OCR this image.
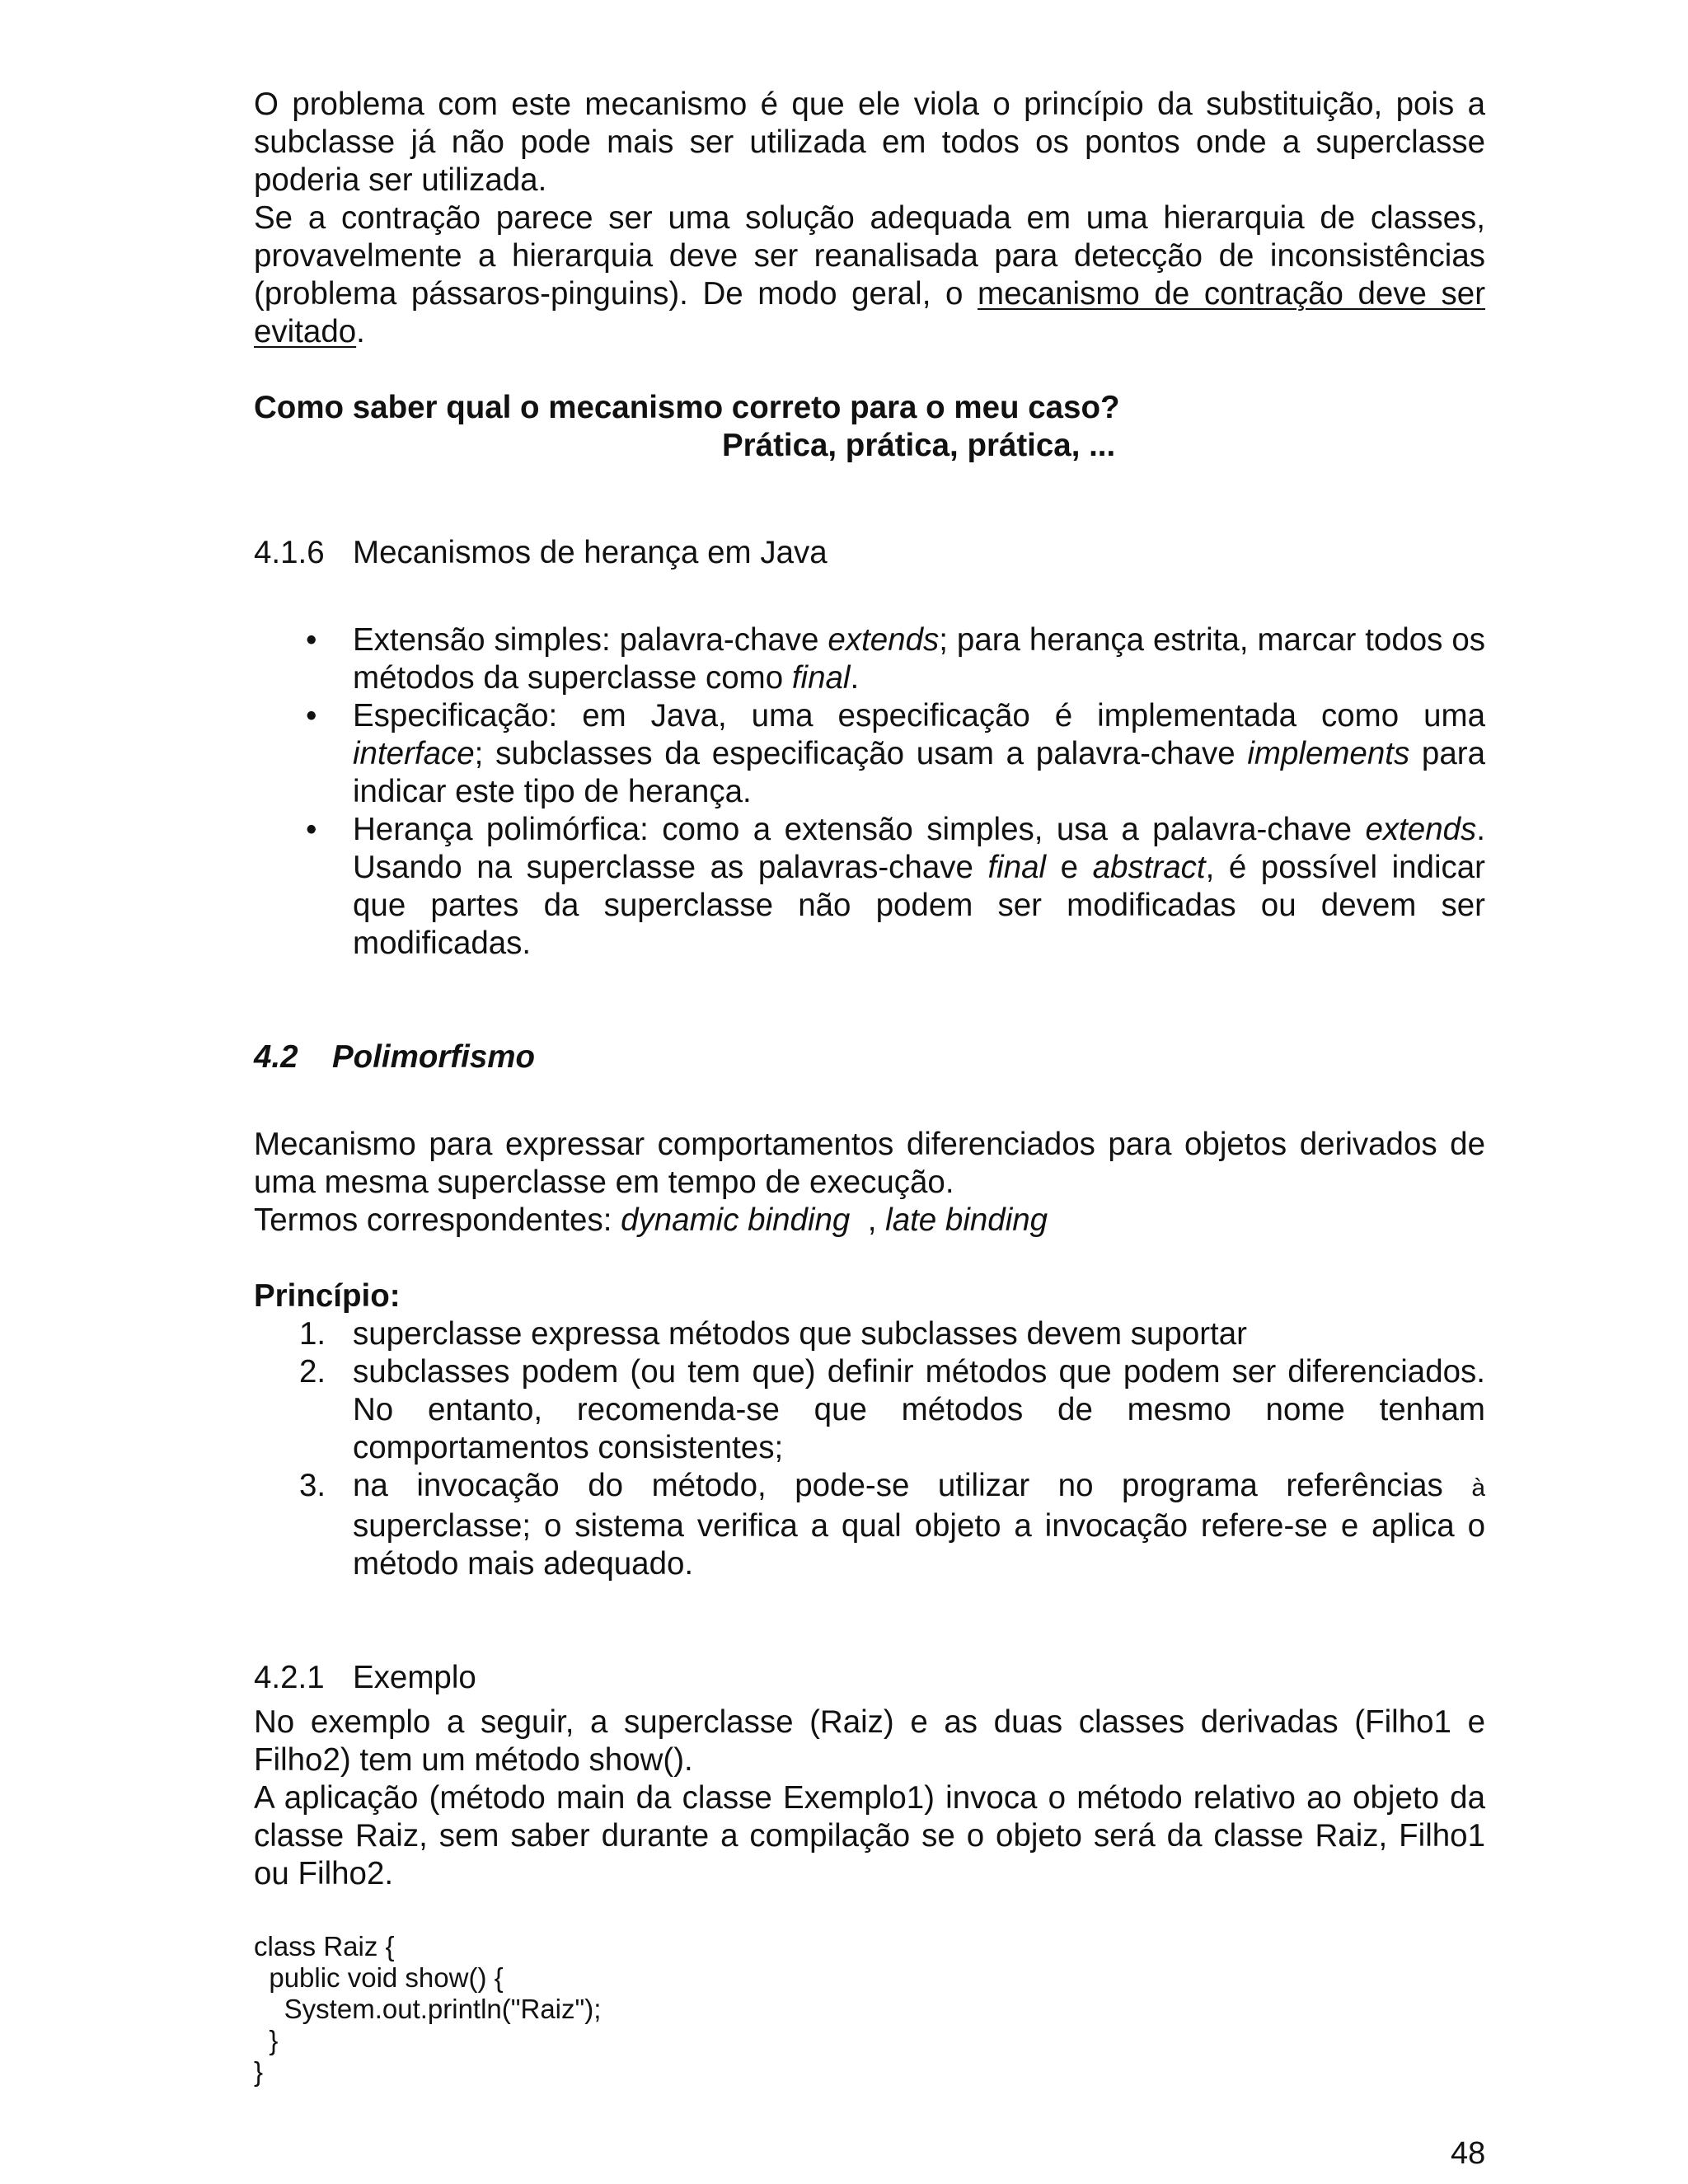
O problema com este mecanismo é que ele viola o princípio da substituição, pois a subclasse já não pode mais ser utilizada em todos os pontos onde a superclasse poderia ser utilizada.

Se a contração parece ser uma solução adequada em uma hierarquia de classes, provavelmente a hierarquia deve ser reanalisada para detecção de inconsistências (problema pássaros-pinguins). De modo geral, o mecanismo de contração deve ser evitado.

Como saber qual o mecanismo correto para o meu caso?

Prática, prática, prática, ...

4.1.6 Mecanismos de herança em Java
• Extensão simples: palavra-chave extends; para herança estrita, marcar todos os métodos da superclasse como final.
• Especificação: em Java, uma especificação é implementada como uma interface; subclasses da especificação usam a palavra-chave implements para indicar este tipo de herança.
• Herança polimórfica: como a extensão simples, usa a palavra-chave extends. Usando na superclasse as palavras-chave final e abstract, é possível indicar que partes da superclasse não podem ser modificadas ou devem ser modificadas.
4.2	Polimorfismo

Mecanismo para expressar comportamentos diferenciados para objetos derivados de uma mesma superclasse em tempo de execução.

Termos correspondentes: dynamic binding  , late binding

Princípio:

1. superclasse expressa métodos que subclasses devem suportar
2. subclasses podem (ou tem que) definir métodos que podem ser diferenciados. No entanto, recomenda-se que métodos de mesmo nome tenham comportamentos consistentes;
3. na invocação do método, pode-se utilizar no programa referências à superclasse; o sistema verifica a qual objeto a invocação refere-se e aplica o método mais adequado.
4.2.1 Exemplo

No exemplo a seguir, a superclasse (Raiz) e as duas classes derivadas (Filho1 e Filho2) tem um método show().

A aplicação (método main da classe Exemplo1) invoca o método relativo ao objeto da classe Raiz, sem saber durante a compilação se o objeto será da classe Raiz, Filho1 ou Filho2.

class Raiz {
public void show() {
System.out.println("Raiz");
}
}
48
